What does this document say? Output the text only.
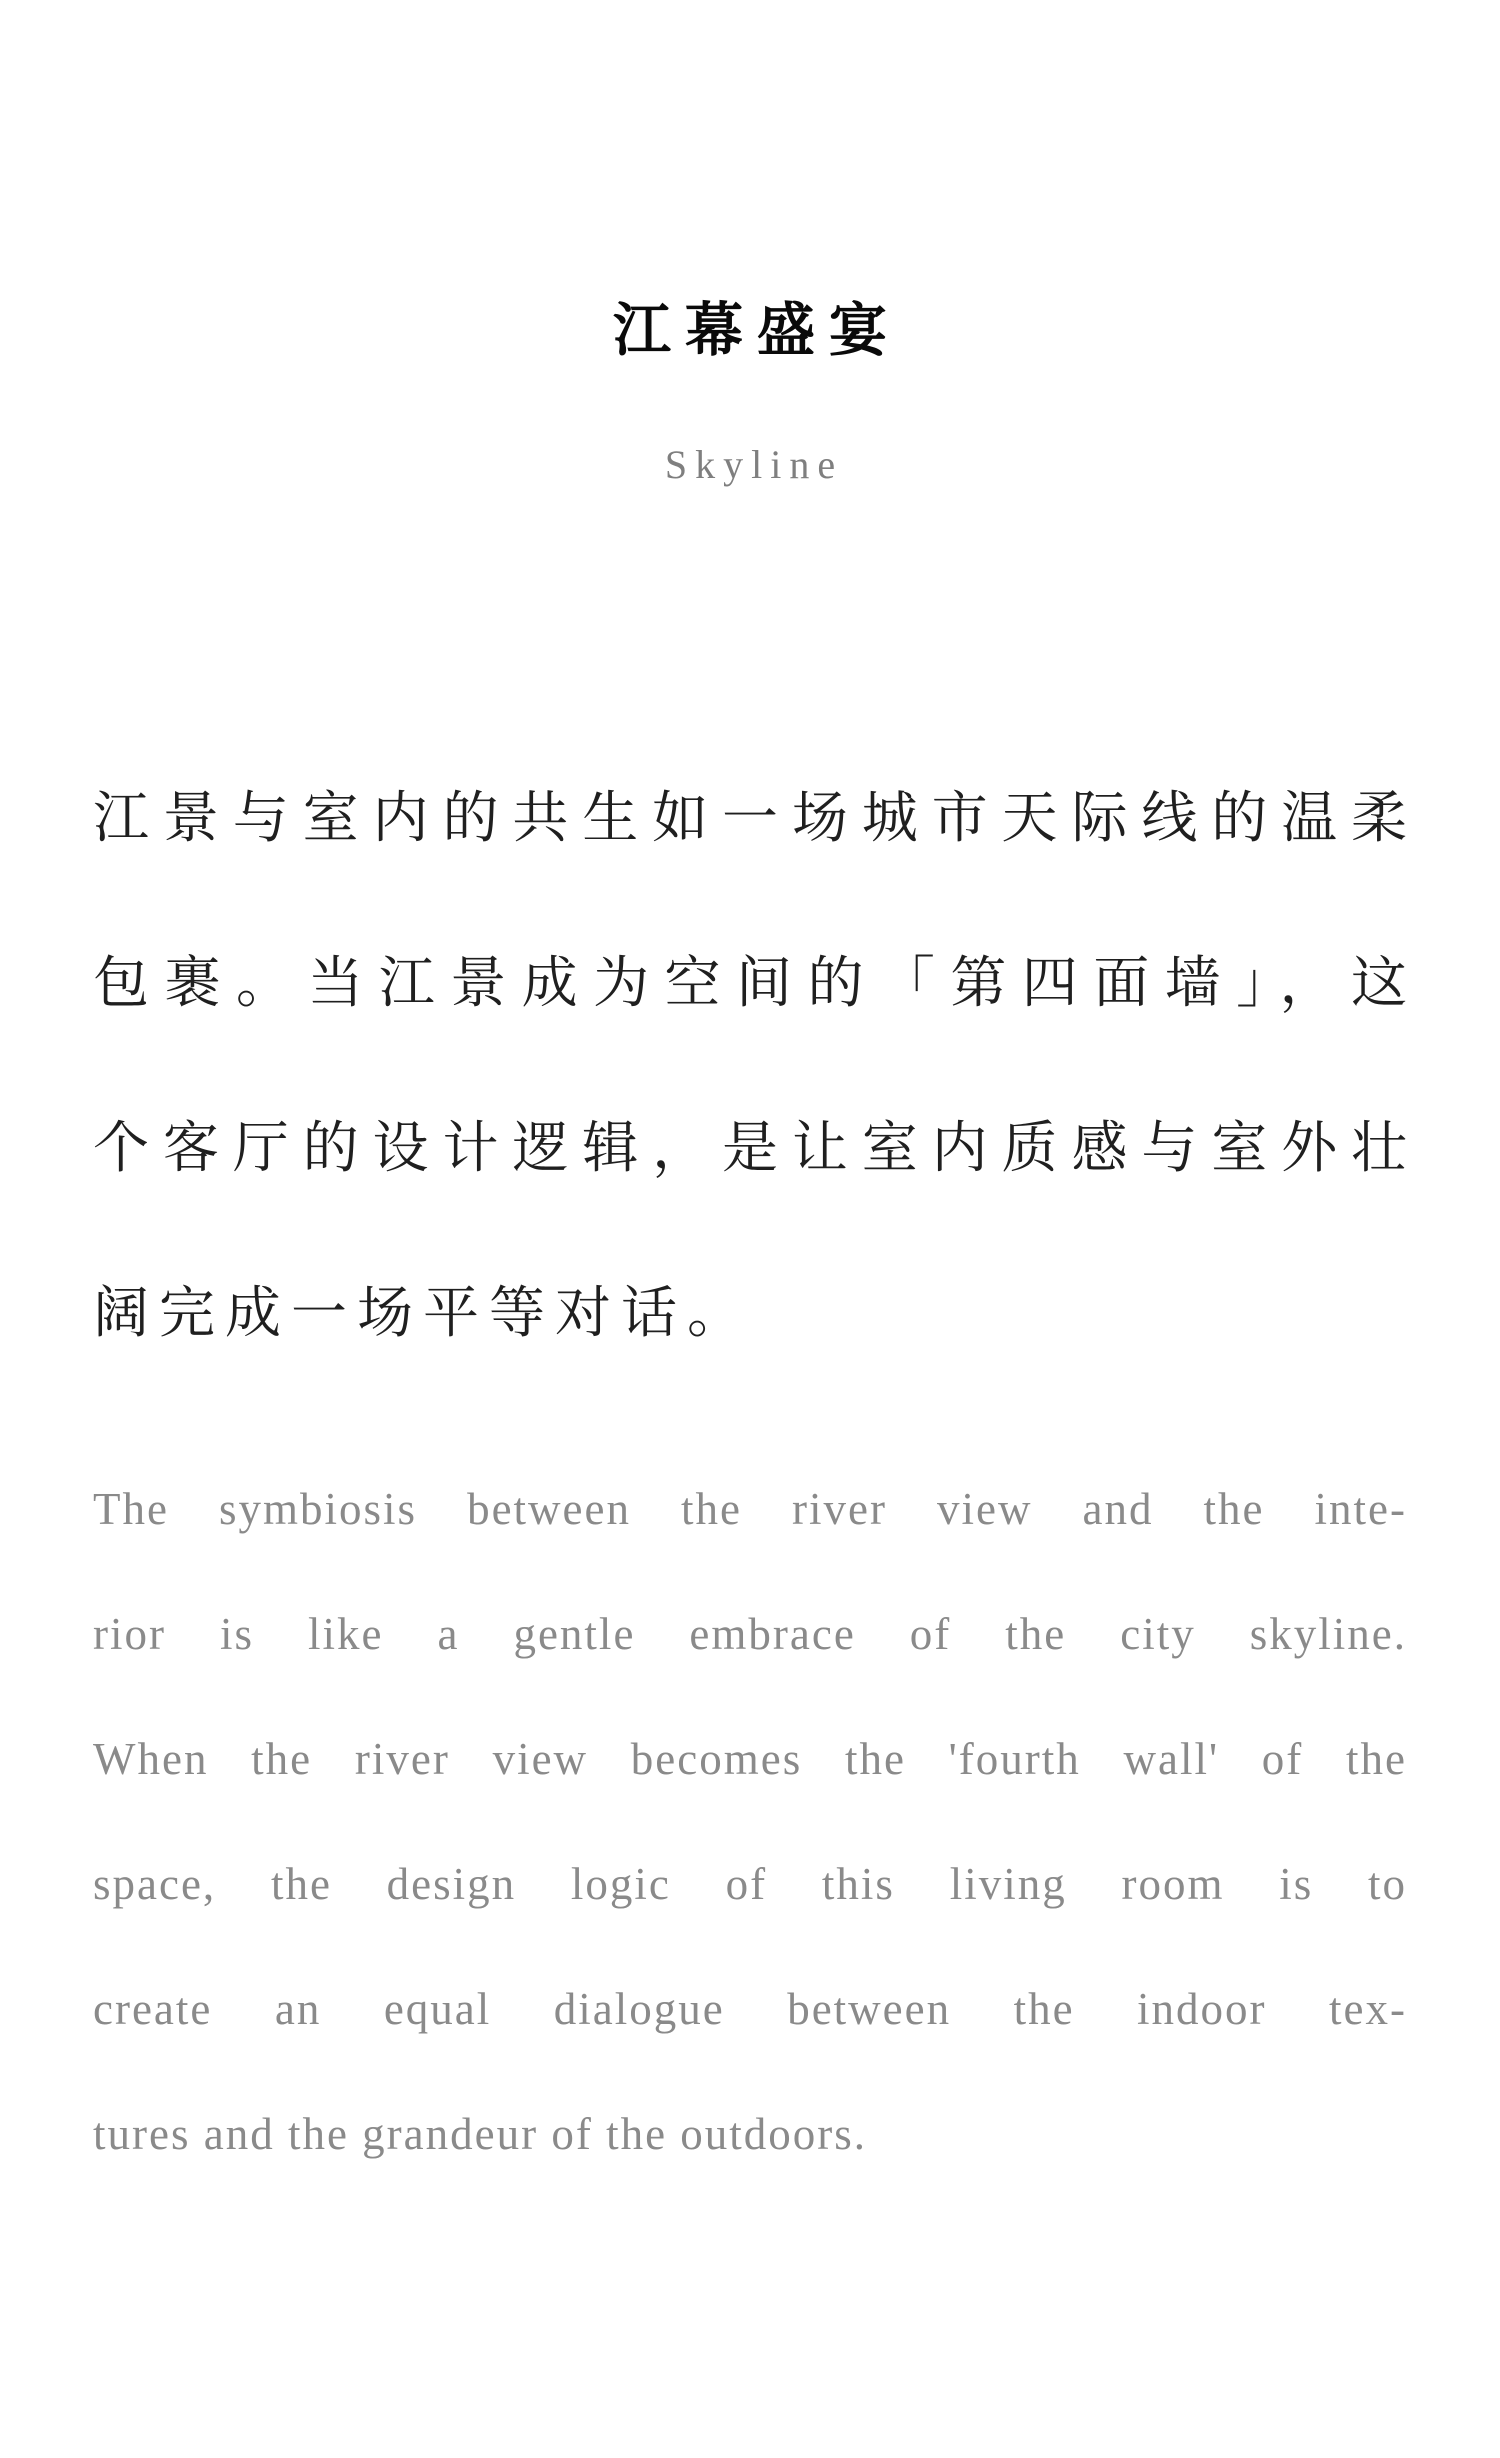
江幕盛宴
Skyline
江景与室内的共生如一场城市天际线的温柔
包裹。当江景成为空间的「第四面墙」，这
个客厅的设计逻辑，是让室内质感与室外壮
阔完成一场平等对话。
The symbiosis between the river view and the inte-
rior is like a gentle embrace of the city skyline.
When the river view becomes the 'fourth wall' of the
space, the design logic of this living room is to
create an equal dialogue between the indoor tex-
tures and the grandeur of the outdoors.
